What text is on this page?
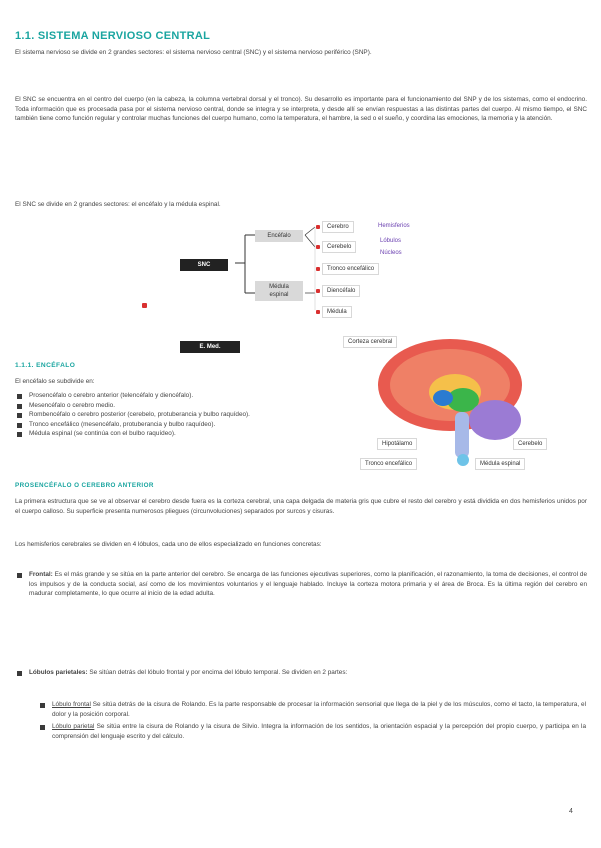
1.1. SISTEMA NERVIOSO CENTRAL
El sistema nervioso se divide en 2 grandes sectores: el sistema nervioso central (SNC) y el sistema nervioso periférico (SNP).
El SNC se encuentra en el centro del cuerpo (en la cabeza, la columna vertebral dorsal y el tronco). Su desarrollo es importante para el funcionamiento del SNP y de los sistemas, como el endocrino. Toda información que es procesada pasa por el sistema nervioso central, donde se integra y se interpreta, y desde allí se envían respuestas a las distintas partes del cuerpo. Al mismo tiempo, el SNC también tiene como función regular y controlar muchas funciones del cuerpo humano, como la temperatura, el hambre, la sed o el sueño, y coordina las emociones, la memoria y la atención.
El SNC se divide en 2 grandes sectores: el encéfalo y la médula espinal.
SNC
E. Med.
Encéfalo
Médula espinal
Cerebro
Cerebelo
Tronco encefálico
Diencéfalo
Médula
Hemisferios
Lóbulos
Núcleos
Corteza cerebral
Hipotálamo
Tronco encefálico
Cerebelo
Médula espinal
1.1.1. ENCÉFALO
El encéfalo se subdivide en:
Prosencéfalo o cerebro anterior (telencéfalo y diencéfalo).
Mesencéfalo o cerebro medio.
Rombencéfalo o cerebro posterior (cerebelo, protuberancia y bulbo raquídeo).
Tronco encefálico (mesencéfalo, protuberancia y bulbo raquídeo).
Médula espinal (se continúa con el bulbo raquídeo).
PROSENCÉFALO O CEREBRO ANTERIOR
La primera estructura que se ve al observar el cerebro desde fuera es la corteza cerebral, una capa delgada de materia gris que cubre el resto del cerebro y está dividida en dos hemisferios unidos por el cuerpo calloso. Su superficie presenta numerosos pliegues (circunvoluciones) separados por surcos y cisuras.
Los hemisferios cerebrales se dividen en 4 lóbulos, cada uno de ellos especializado en funciones concretas:
Frontal: Es el más grande y se sitúa en la parte anterior del cerebro. Se encarga de las funciones ejecutivas superiores, como la planificación, el razonamiento, la toma de decisiones, el control de los impulsos y de la conducta social, así como de los movimientos voluntarios y el lenguaje hablado. Incluye la corteza motora primaria y el área de Broca. Es la última región del cerebro en madurar completamente, lo que ocurre al inicio de la edad adulta.
Lóbulos parietales: Se sitúan detrás del lóbulo frontal y por encima del lóbulo temporal. Se dividen en 2 partes:
Lóbulo frontal Se sitúa detrás de la cisura de Rolando. Es la parte responsable de procesar la información sensorial que llega de la piel y de los músculos, como el tacto, la temperatura, el dolor y la posición corporal.
Lóbulo parietal Se sitúa entre la cisura de Rolando y la cisura de Silvio. Integra la información de los sentidos, la orientación espacial y la percepción del propio cuerpo, y participa en la comprensión del lenguaje escrito y del cálculo.
4
